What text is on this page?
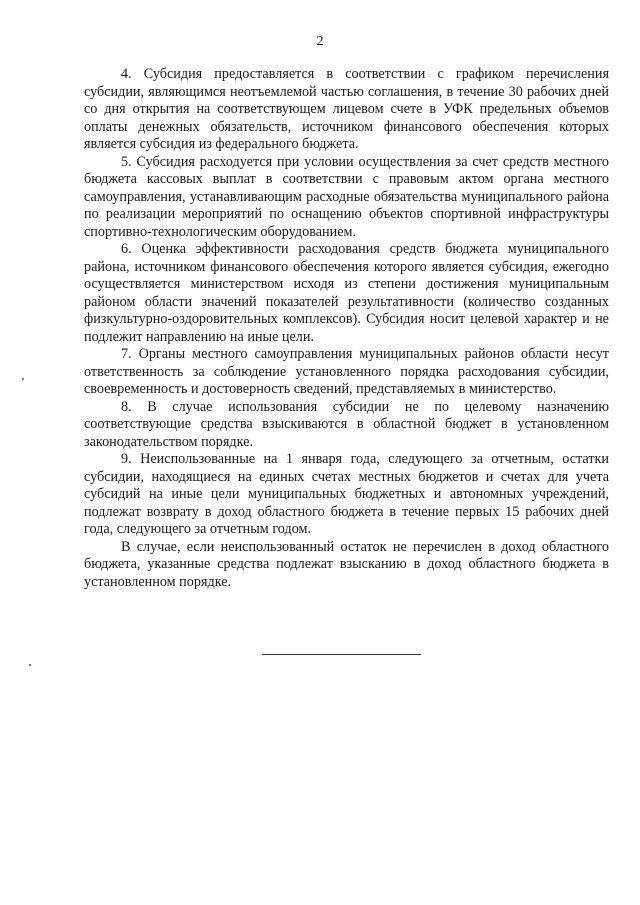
2

4. Субсидия предоставляется в соответствии с графиком перечисления субсидии, являющимся неотъемлемой частью соглашения, в течение 30 рабочих дней со дня открытия на соответствующем лицевом счете в УФК предельных объемов оплаты денежных обязательств, источником финансового обеспечения которых является субсидия из федерального бюджета.

5. Субсидия расходуется при условии осуществления за счет средств местного бюджета кассовых выплат в соответствии с правовым актом органа местного самоуправления, устанавливающим расходные обязательства муниципального района по реализации мероприятий по оснащению объектов спортивной инфраструктуры спортивно-технологическим оборудованием.

6. Оценка эффективности расходования средств бюджета муниципального района, источником финансового обеспечения которого является субсидия, ежегодно осуществляется министерством исходя из степени достижения муниципальным районом области значений показателей результативности (количество созданных физкультурно-оздоровительных комплексов). Субсидия носит целевой характер и не подлежит направлению на иные цели.

7. Органы местного самоуправления муниципальных районов области несут ответственность за соблюдение установленного порядка расходования субсидии, своевременность и достоверность сведений, представляемых в министерство.

8. В случае использования субсидии не по целевому назначению соответствующие средства взыскиваются в областной бюджет в установленном законодательством порядке.

9. Неиспользованные на 1 января года, следующего за отчетным, остатки субсидии, находящиеся на единых счетах местных бюджетов и счетах для учета субсидий на иные цели муниципальных бюджетных и автономных учреждений, подлежат возврату в доход областного бюджета в течение первых 15 рабочих дней года, следующего за отчетным годом.

В случае, если неиспользованный остаток не перечислен в доход областного бюджета, указанные средства подлежат взысканию в доход областного бюджета в установленном порядке.
